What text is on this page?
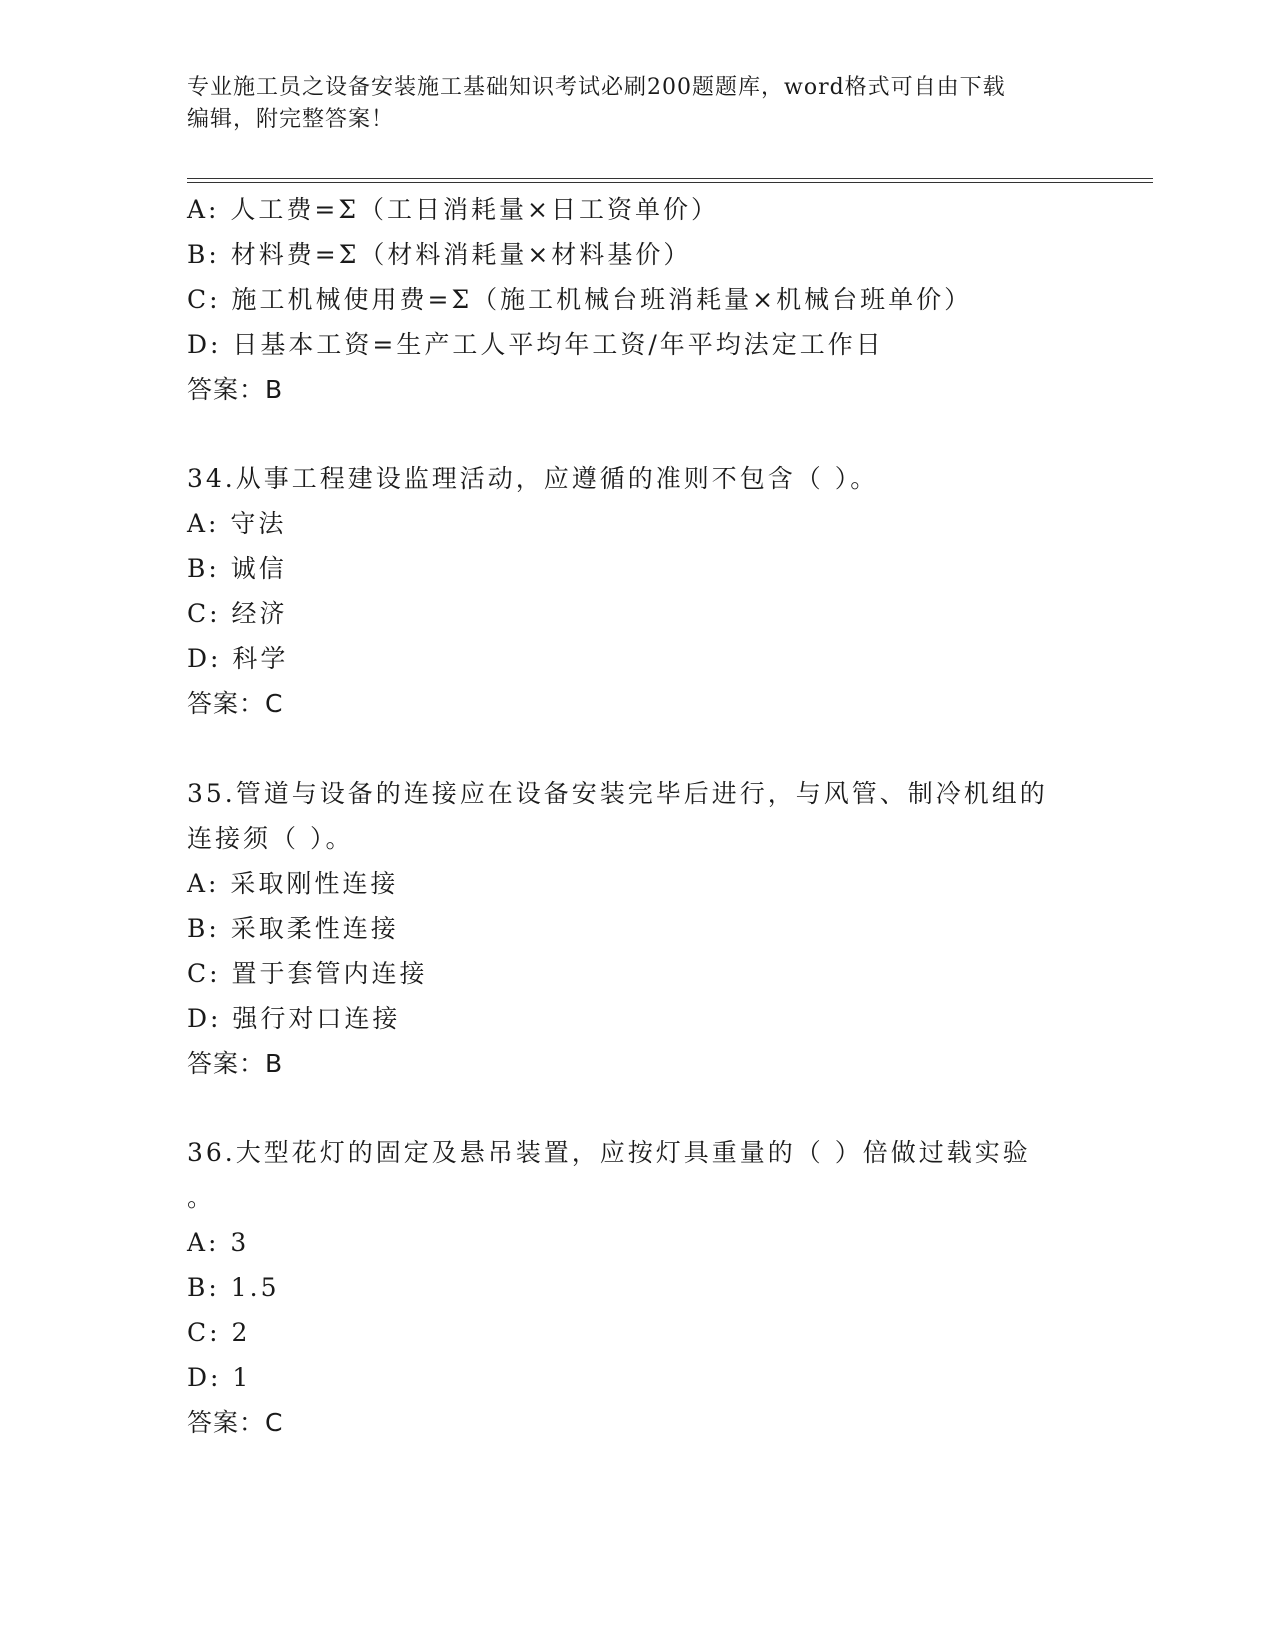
专业施工员之设备安装施工基础知识考试必刷200题题库，word格式可自由下载
编辑，附完整答案！
A: 人工费=Σ（工日消耗量×日工资单价）
B: 材料费=Σ（材料消耗量×材料基价）
C: 施工机械使用费=Σ（施工机械台班消耗量×机械台班单价）
D: 日基本工资=生产工人平均年工资/年平均法定工作日
答案：B
34.从事工程建设监理活动，应遵循的准则不包含（ ）。
A: 守法
B: 诚信
C: 经济
D: 科学
答案：C
35.管道与设备的连接应在设备安装完毕后进行，与风管、制冷机组的
连接须（ ）。
A: 采取刚性连接
B: 采取柔性连接
C: 置于套管内连接
D: 强行对口连接
答案：B
36.大型花灯的固定及悬吊装置，应按灯具重量的（ ）倍做过载实验
。
A: 3
B: 1.5
C: 2
D: 1
答案：C
